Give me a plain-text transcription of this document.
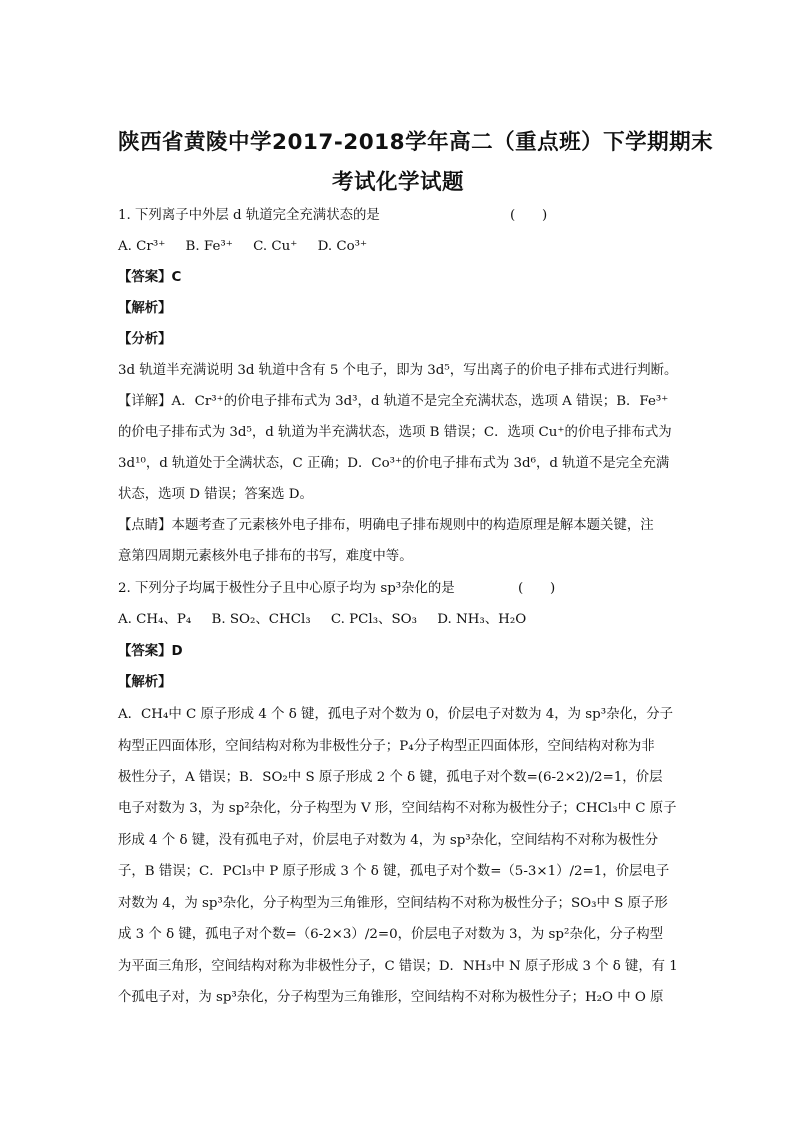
陕西省黄陵中学2017-2018学年高二（重点班）下学期期末
考试化学试题
1. 下列离子中外层 d 轨道完全充满状态的是	(　　)
A. Cr³⁺ B. Fe³⁺ C. Cu⁺ D. Co³⁺
【答案】C
【解析】
【分析】
3d 轨道半充满说明 3d 轨道中含有 5 个电子，即为 3d⁵，写出离子的价电子排布式进行判断。
【详解】A．Cr³⁺的价电子排布式为 3d³，d 轨道不是完全充满状态，选项 A 错误；B．Fe³⁺
的价电子排布式为 3d⁵，d 轨道为半充满状态，选项 B 错误；C．选项 Cu⁺的价电子排布式为
3d¹⁰，d 轨道处于全满状态，C 正确；D．Co³⁺的价电子排布式为 3d⁶，d 轨道不是完全充满
状态，选项 D 错误；答案选 D。
【点睛】本题考查了元素核外电子排布，明确电子排布规则中的构造原理是解本题关键，注
意第四周期元素核外电子排布的书写，难度中等。
2. 下列分子均属于极性分子且中心原子均为 sp³杂化的是	(　　)
A. CH₄、P₄ B. SO₂、CHCl₃ C. PCl₃、SO₃ D. NH₃、H₂O
【答案】D
【解析】
A．CH₄中 C 原子形成 4 个 δ 键，孤电子对个数为 0，价层电子对数为 4，为 sp³杂化，分子
构型正四面体形，空间结构对称为非极性分子；P₄分子构型正四面体形，空间结构对称为非
极性分子，A 错误；B．SO₂中 S 原子形成 2 个 δ 键，孤电子对个数=(6-2×2)/2=1，价层
电子对数为 3，为 sp²杂化，分子构型为 V 形，空间结构不对称为极性分子；CHCl₃中 C 原子
形成 4 个 δ 键，没有孤电子对，价层电子对数为 4，为 sp³杂化，空间结构不对称为极性分
子，B 错误；C．PCl₃中 P 原子形成 3 个 δ 键，孤电子对个数=（5-3×1）/2=1，价层电子
对数为 4，为 sp³杂化，分子构型为三角锥形，空间结构不对称为极性分子；SO₃中 S 原子形
成 3 个 δ 键，孤电子对个数=（6-2×3）/2=0，价层电子对数为 3，为 sp²杂化，分子构型
为平面三角形，空间结构对称为非极性分子，C 错误；D．NH₃中 N 原子形成 3 个 δ 键，有 1
个孤电子对，为 sp³杂化，分子构型为三角锥形，空间结构不对称为极性分子；H₂O 中 O 原
